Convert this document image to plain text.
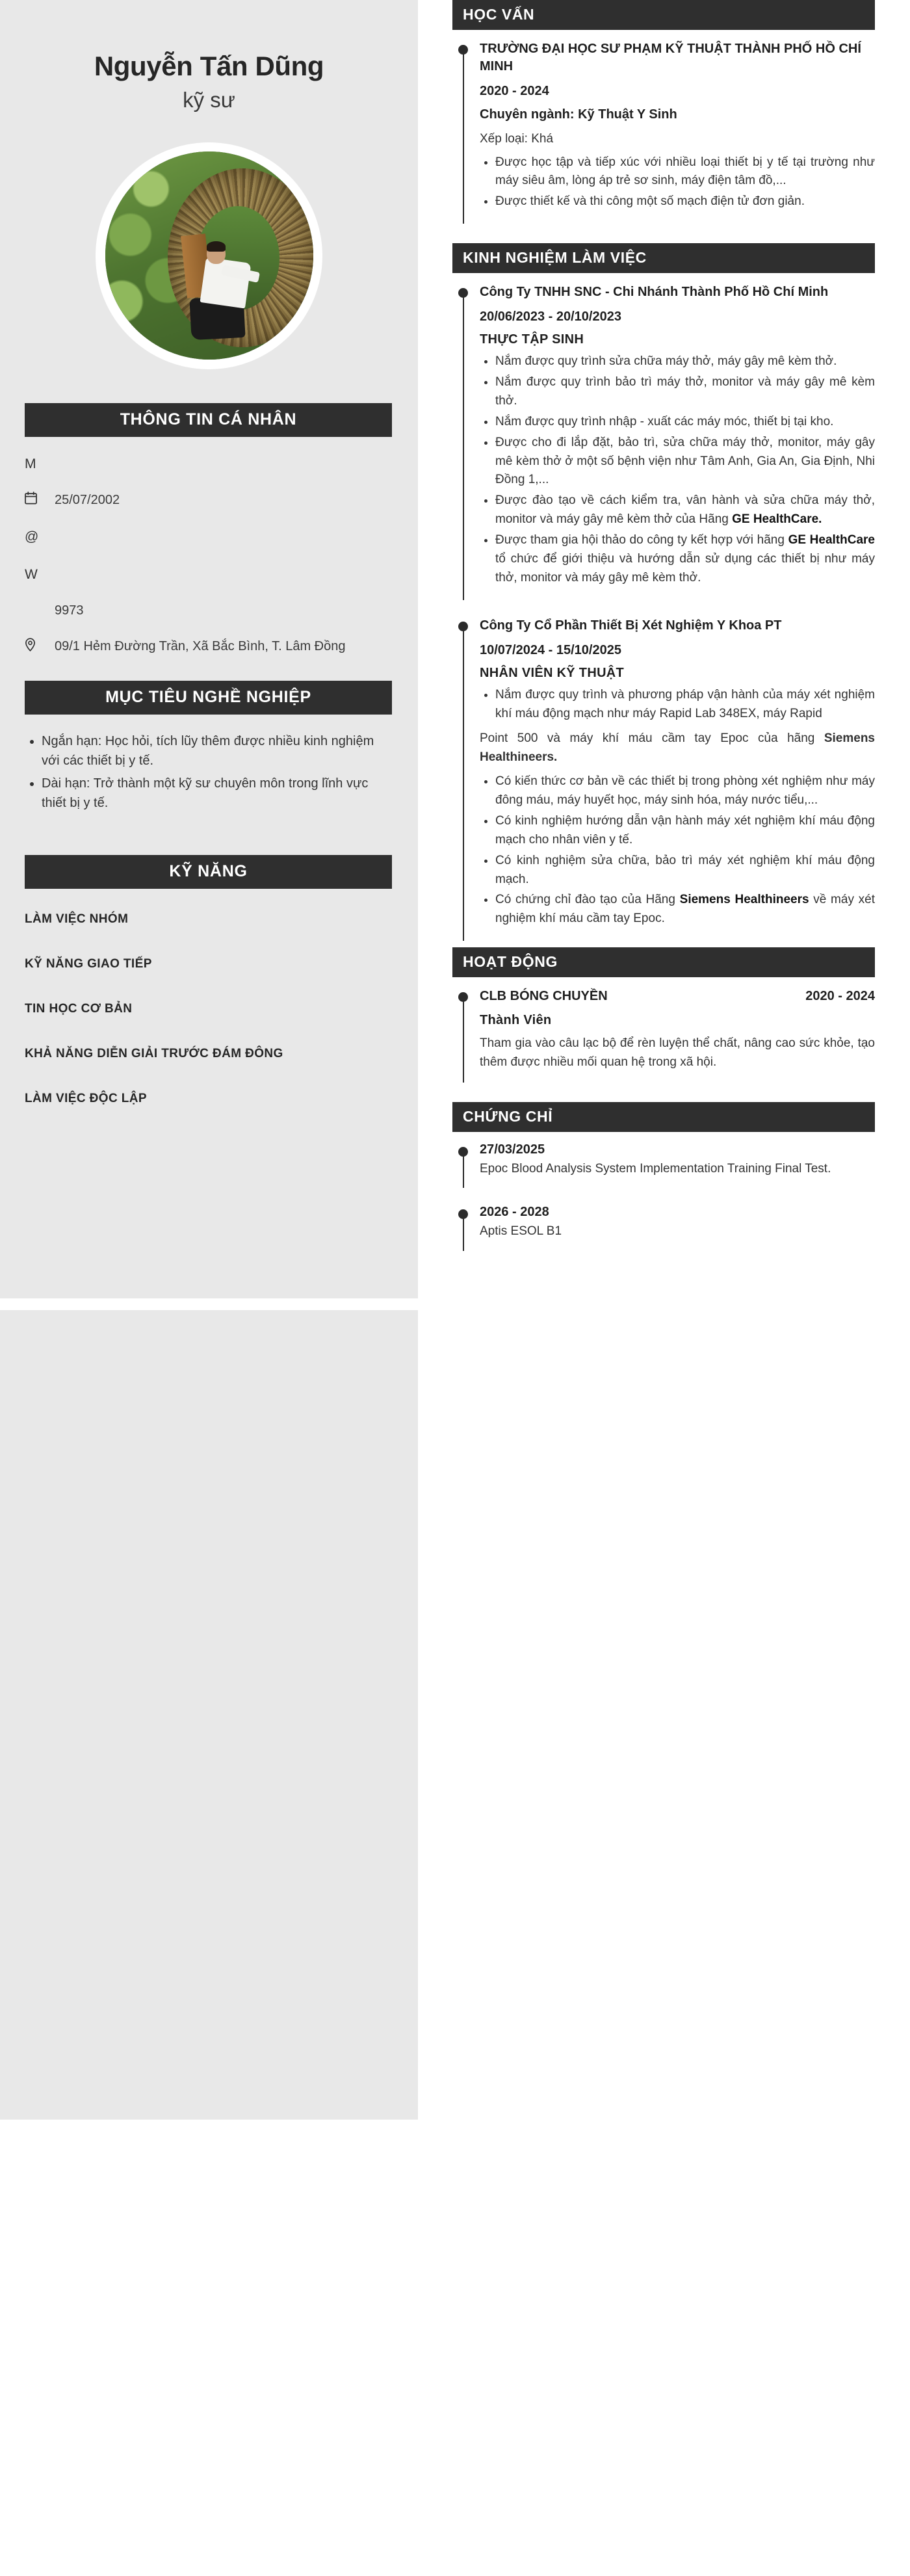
Nguyễn Tấn Dũng
kỹ sư
THÔNG TIN CÁ NHÂN
M
25/07/2002
@
W
9973
09/1 Hẻm Đường Trần, Xã Bắc Bình, T. Lâm Đồng
MỤC TIÊU NGHỀ NGHIỆP
• Ngắn hạn: Học hỏi, tích lũy thêm được nhiều kinh nghiệm với các thiết bị y tế.
• Dài hạn: Trở thành một kỹ sư chuyên môn trong lĩnh vực thiết bị y tế.
KỸ NĂNG
LÀM VIỆC NHÓM
KỸ NĂNG GIAO TIẾP
TIN HỌC CƠ BẢN
KHẢ NĂNG DIỄN GIẢI TRƯỚC ĐÁM ĐÔNG
LÀM VIỆC ĐỘC LẬP
HỌC VẤN
TRƯỜNG ĐẠI HỌC SƯ PHẠM KỸ THUẬT THÀNH PHỐ HỒ CHÍ MINH
2020 - 2024
Chuyên ngành: Kỹ Thuật Y Sinh
Xếp loại: Khá
• Được học tập và tiếp xúc với nhiều loại thiết bị y tế tại trường như máy siêu âm, lòng áp trẻ sơ sinh, máy điện tâm đồ,...
• Được thiết kế và thi công một số mạch điện tử đơn giản.
KINH NGHIỆM LÀM VIỆC
Công Ty TNHH SNC - Chi Nhánh Thành Phố Hồ Chí Minh
20/06/2023 - 20/10/2023
THỰC TẬP SINH
• Nắm được quy trình sửa chữa máy thở, máy gây mê kèm thở.
• Nắm được quy trình bảo trì máy thở, monitor và máy gây mê kèm thở.
• Nắm được quy trình nhập - xuất các máy móc, thiết bị tại kho.
• Được cho đi lắp đặt, bảo trì, sửa chữa máy thở, monitor, máy gây mê kèm thở ở một số bệnh viện như Tâm Anh, Gia An, Gia Định, Nhi Đồng 1,...
• Được đào tạo về cách kiểm tra, vân hành và sửa chữa máy thở, monitor và máy gây mê kèm thở của Hãng GE HealthCare.
• Được tham gia hội thảo do công ty kết hợp với hãng GE HealthCare tổ chức để giới thiệu và hướng dẫn sử dụng các thiết bị như máy thở, monitor và máy gây mê kèm thở.
Công Ty Cổ Phần Thiết Bị Xét Nghiệm Y Khoa PT
10/07/2024 - 15/10/2025
NHÂN VIÊN KỸ THUẬT
• Nắm được quy trình và phương pháp vận hành của máy xét nghiệm khí máu động mạch như máy Rapid Lab 348EX, máy Rapid
Point 500 và máy khí máu cầm tay Epoc của hãng Siemens Healthineers.
• Có kiến thức cơ bản về các thiết bị trong phòng xét nghiệm như máy đông máu, máy huyết học, máy sinh hóa, máy nước tiểu,...
• Có kinh nghiệm hướng dẫn vận hành máy xét nghiệm khí máu động mạch cho nhân viên y tế.
• Có kinh nghiệm sửa chữa, bảo trì máy xét nghiệm khí máu động mạch.
• Có chứng chỉ đào tạo của Hãng Siemens Healthineers về máy xét nghiệm khí máu cầm tay Epoc.
HOẠT ĐỘNG
CLB BÓNG CHUYỀN	2020 - 2024
Thành Viên
Tham gia vào câu lạc bộ để rèn luyện thể chất, nâng cao sức khỏe, tạo thêm được nhiều mối quan hệ trong xã hội.
CHỨNG CHỈ
27/03/2025
Epoc Blood Analysis System Implementation Training Final Test.
2026 - 2028
Aptis ESOL B1
